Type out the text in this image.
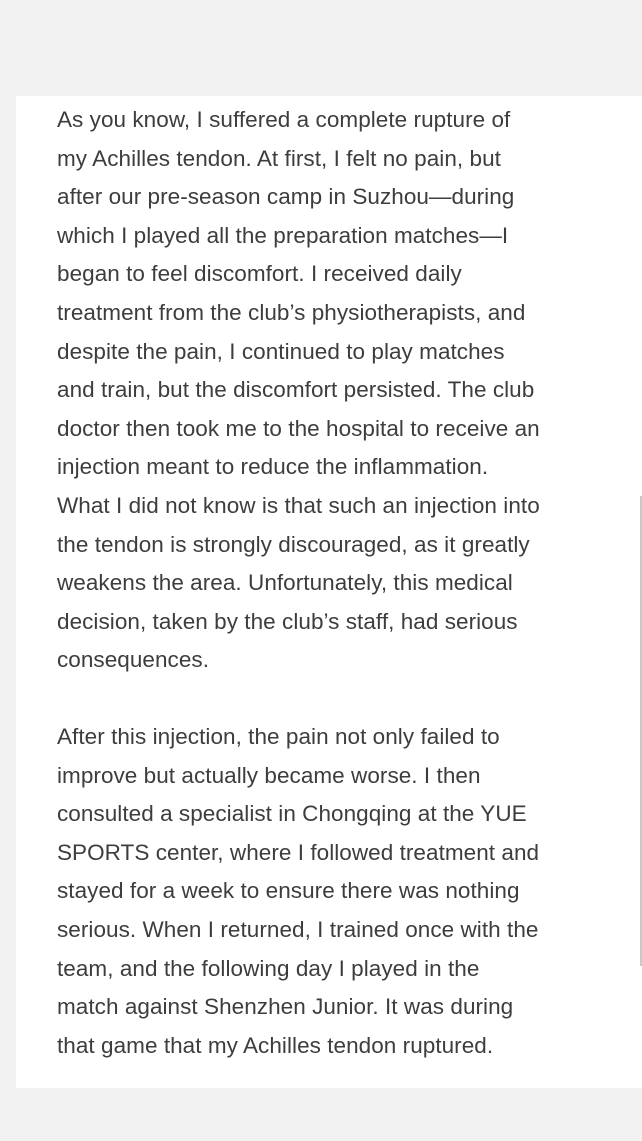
As you know, I suffered a complete rupture of
my Achilles tendon. At first, I felt no pain, but
after our pre-season camp in Suzhou—during
which I played all the preparation matches—I
began to feel discomfort. I received daily
treatment from the club’s physiotherapists, and
despite the pain, I continued to play matches
and train, but the discomfort persisted. The club
doctor then took me to the hospital to receive an
injection meant to reduce the inflammation.
What I did not know is that such an injection into
the tendon is strongly discouraged, as it greatly
weakens the area. Unfortunately, this medical
decision, taken by the club’s staff, had serious
consequences.

After this injection, the pain not only failed to
improve but actually became worse. I then
consulted a specialist in Chongqing at the YUE
SPORTS center, where I followed treatment and
stayed for a week to ensure there was nothing
serious. When I returned, I trained once with the
team, and the following day I played in the
match against Shenzhen Junior. It was during
that game that my Achilles tendon ruptured.
